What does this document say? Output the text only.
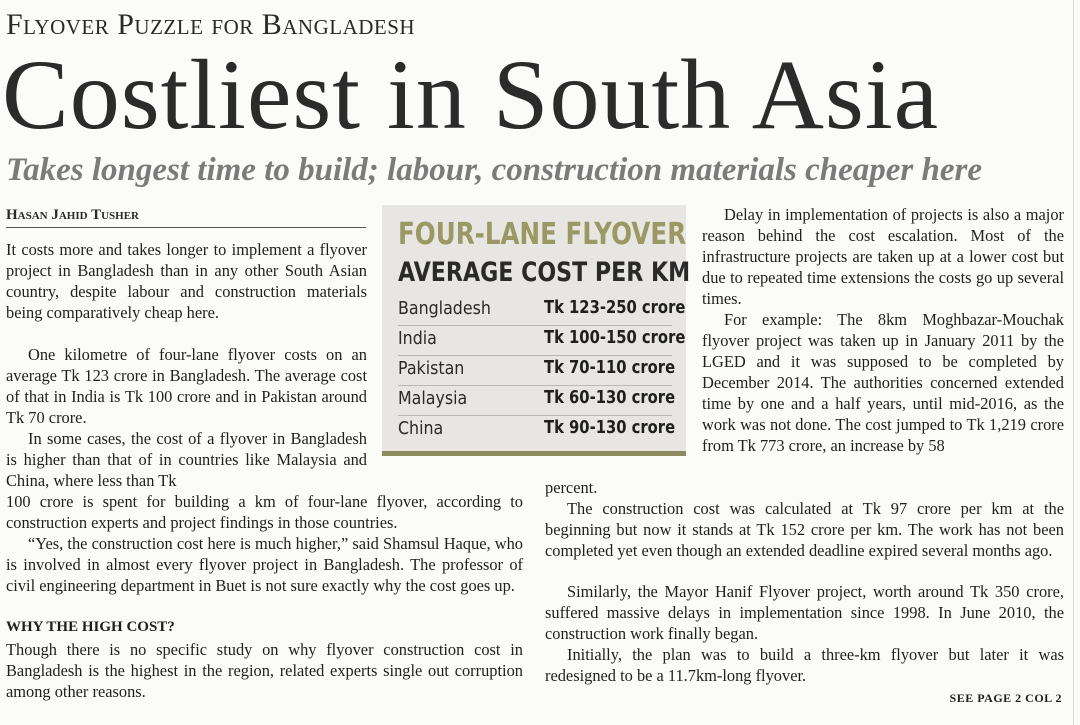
Flyover Puzzle for Bangladesh
Costliest in South Asia
Takes longest time to build; labour, construction materials cheaper here
Hasan Jahid Tusher
It costs more and takes longer to implement a flyover project in Bangladesh than in any other South Asian country, despite labour and construction materials being comparatively cheap here.
One kilometre of four-lane flyover costs on an average Tk 123 crore in Bangladesh. The average cost of that in India is Tk 100 crore and in Pakistan around Tk 70 crore.
In some cases, the cost of a flyover in Bangladesh is higher than that of in countries like Malaysia and China, where less than Tk
100 crore is spent for building a km of four-lane flyover, according to construction experts and project findings in those countries.
“Yes, the construction cost here is much higher,” said Shamsul Haque, who is involved in almost every flyover project in Bangladesh. The professor of civil engineering department in Buet is not sure exactly why the cost goes up.
WHY THE HIGH COST?
Though there is no specific study on why flyover construction cost in Bangladesh is the highest in the region, related experts single out corruption among other reasons.
FOUR-LANE FLYOVER
AVERAGE COST PER KM
Bangladesh	Tk 123-250 crore
India	Tk 100-150 crore
Pakistan	Tk 70-110 crore
Malaysia	Tk 60-130 crore
China	Tk 90-130 crore
Delay in implementation of projects is also a major reason behind the cost escalation. Most of the infrastructure projects are taken up at a lower cost but due to repeated time extensions the costs go up several times.
For example: The 8km Moghbazar-Mouchak flyover project was taken up in January 2011 by the LGED and it was supposed to be completed by December 2014. The authorities concerned extended time by one and a half years, until mid-2016, as the work was not done. The cost jumped to Tk 1,219 crore from Tk 773 crore, an increase by 58
percent.
The construction cost was calculated at Tk 97 crore per km at the beginning but now it stands at Tk 152 crore per km. The work has not been completed yet even though an extended deadline expired several months ago.
Similarly, the Mayor Hanif Flyover project, worth around Tk 350 crore, suffered massive delays in implementation since 1998. In June 2010, the construction work finally began.
Initially, the plan was to build a three-km flyover but later it was redesigned to be a 11.7km-long flyover.
SEE PAGE 2 COL 2
